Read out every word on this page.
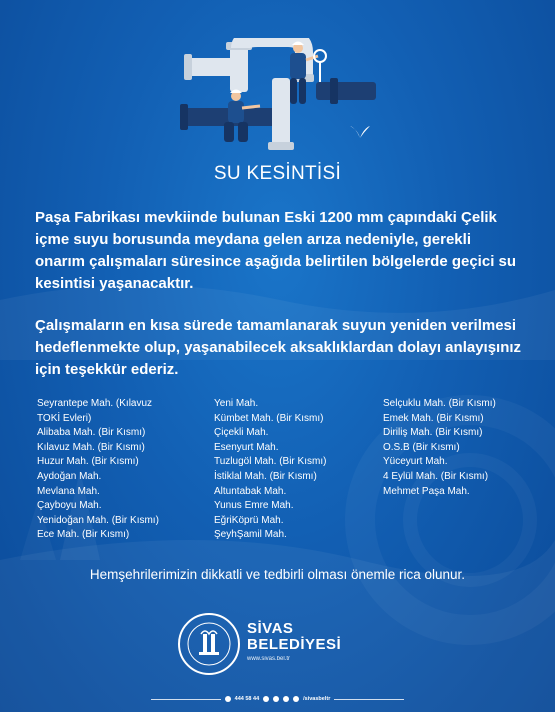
SU KESİNTİSİ
Paşa Fabrikası mevkiinde bulunan Eski 1200 mm çapındaki Çelik içme suyu borusunda meydana gelen arıza nedeniyle, gerekli onarım çalışmaları süresince aşağıda belirtilen bölgelerde geçici su kesintisi yaşanacaktır.
Çalışmaların en kısa sürede tamamlanarak suyun yeniden verilmesi hedeflenmekte olup, yaşanabilecek aksaklıklardan dolayı anlayışınız için teşekkür ederiz.
Seyrantepe Mah. (Kılavuz
TOKİ Evleri)
Alibaba Mah. (Bir Kısmı)
Kılavuz Mah. (Bir Kısmı)
Huzur Mah. (Bir Kısmı)
Aydoğan Mah.
Mevlana Mah.
Çayboyu Mah.
Yenidoğan Mah. (Bir Kısmı)
Ece Mah. (Bir Kısmı)
Yeni Mah.
Kümbet Mah. (Bir Kısmı)
Çiçekli Mah.
Esenyurt Mah.
Tuzlugöl Mah. (Bir Kısmı)
İstiklal Mah. (Bir Kısmı)
Altuntabak Mah.
Yunus Emre Mah.
EğriKöprü Mah.
ŞeyhŞamil Mah.
Selçuklu Mah. (Bir Kısmı)
Emek Mah. (Bir Kısmı)
Diriliş Mah. (Bir Kısmı)
O.S.B (Bir Kısmı)
Yüceyurt Mah.
4 Eylül Mah. (Bir Kısmı)
Mehmet Paşa Mah.
Hemşehrilerimizin dikkatli ve tedbirli olması önemle rica olunur.
SİVAS
BELEDİYESİ
www.sivas.bel.tr
444 58 44	/sivasbeltr
